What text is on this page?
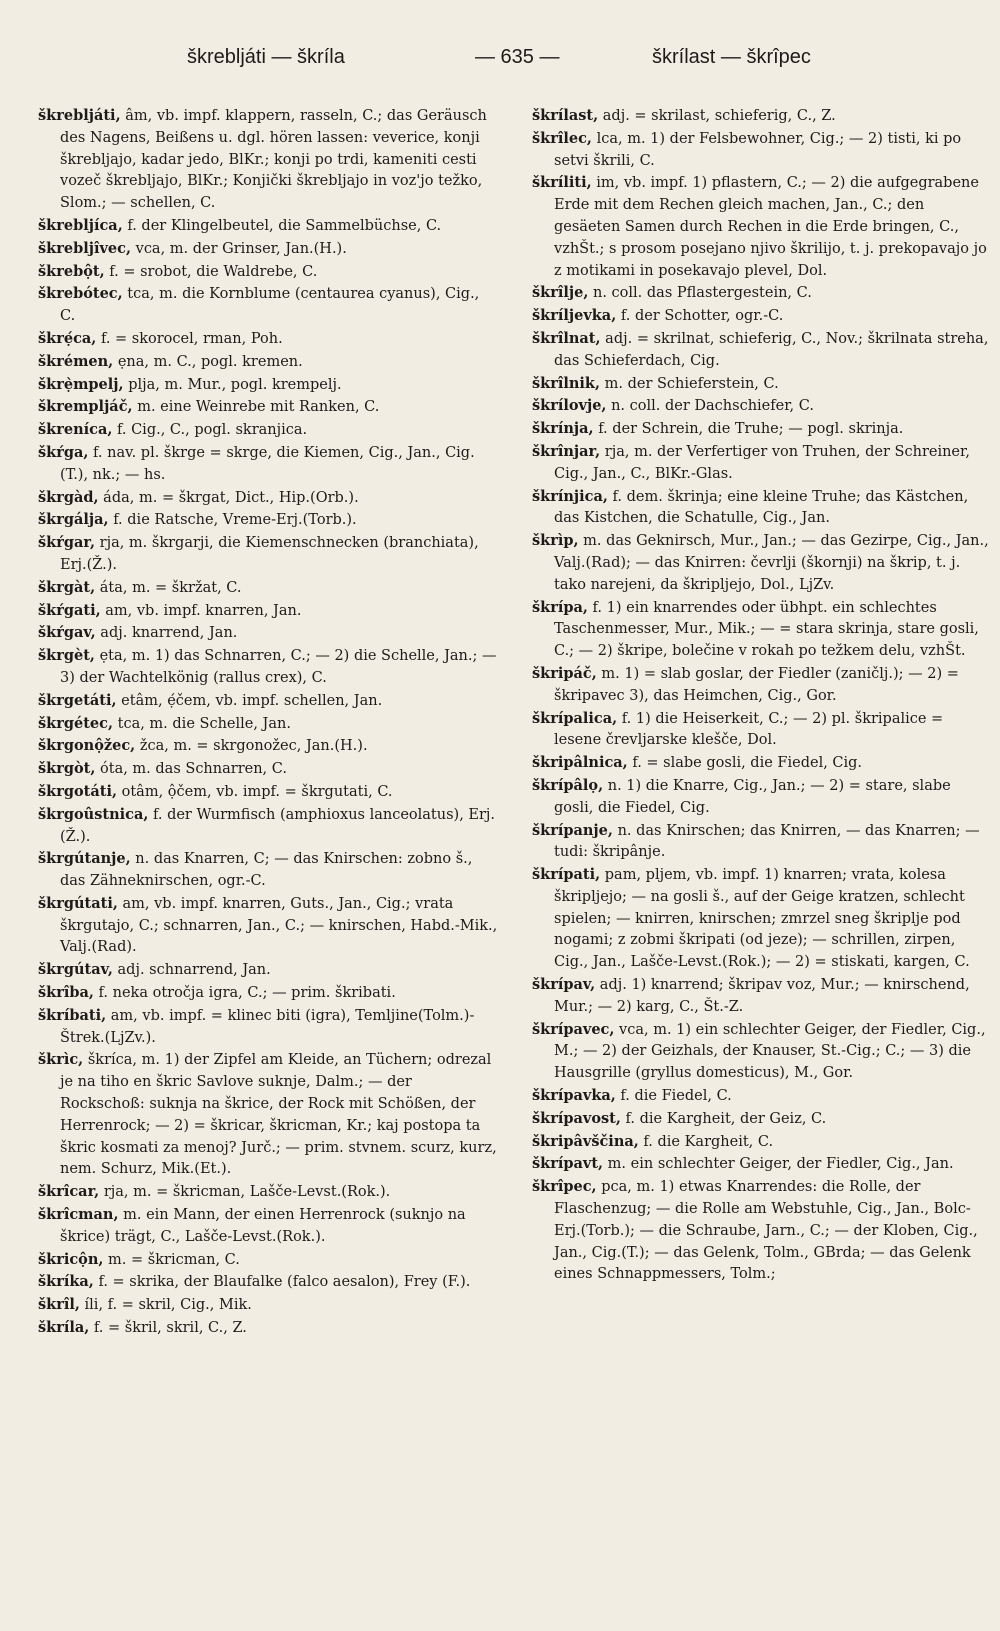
škrebljáti — škríla	— 635 —	škrílast — škrîpec

škrebljáti, âm, vb. impf. klappern, rasseln, C.; das Geräusch des Nagens, Beißens u. dgl. hören lassen: veverice, konji škrebljajo, kadar jedo, BlKr.; konji po trdi, kameniti cesti vozeč škrebljajo, BlKr.; Konjički škrebljajo in voz'jo težko, Slom.; — schellen, C.

škrebljíca, f. der Klingelbeutel, die Sammelbüchse, C.

škrebljîvec, vca, m. der Grinser, Jan.(H.).

škrebột, f. = srobot, die Waldrebe, C.

škrebótec, tca, m. die Kornblume (centaurea cyanus), Cig., C.

škrẹ́ca, f. = skorocel, rman, Poh.

škrémen, ẹna, m. C., pogl. kremen.

škrẹ̀mpelj, plja, m. Mur., pogl. krempelj.

škrempljáč, m. eine Weinrebe mit Ranken, C.

škreníca, f. Cig., C., pogl. skranjica.

škŕga, f. nav. pl. škrge = skrge, die Kiemen, Cig., Jan., Cig.(T.), nk.; — hs.

škrgàd, áda, m. = škrgat, Dict., Hip.(Orb.).

škrgálja, f. die Ratsche, Vreme-Erj.(Torb.).

škŕgar, rja, m. škrgarji, die Kiemenschnecken (branchiata), Erj.(Ž.).

škrgàt, áta, m. = škržat, C.

škŕgati, am, vb. impf. knarren, Jan.

škŕgav, adj. knarrend, Jan.

škrgèt, ẹta, m. 1) das Schnarren, C.; — 2) die Schelle, Jan.; — 3) der Wachtelkönig (rallus crex), C.

škrgetáti, etâm, ẹ́čem, vb. impf. schellen, Jan.

škrgétec, tca, m. die Schelle, Jan.

škrgonộžec, žca, m. = skrgonožec, Jan.(H.).

škrgòt, óta, m. das Schnarren, C.

škrgotáti, otâm, ộčem, vb. impf. = škrgutati, C.

škrgoûstnica, f. der Wurmfisch (amphioxus lanceolatus), Erj.(Ž.).

škrgútanje, n. das Knarren, C; — das Knirschen: zobno š., das Zähneknirschen, ogr.-C.

škrgútati, am, vb. impf. knarren, Guts., Jan., Cig.; vrata škrgutajo, C.; schnarren, Jan., C.; — knirschen, Habd.-Mik., Valj.(Rad).

škrgútav, adj. schnarrend, Jan.

škrîba, f. neka otročja igra, C.; — prim. škribati.

škríbati, am, vb. impf. = klinec biti (igra), Temljine(Tolm.)-Štrek.(LjZv.).

škrìc, škríca, m. 1) der Zipfel am Kleide, an Tüchern; odrezal je na tiho en škric Savlove suknje, Dalm.; — der Rockschoß: suknja na škrice, der Rock mit Schößen, der Herrenrock; — 2) = škricar, škricman, Kr.; kaj postopa ta škric kosmati za menoj? Jurč.; — prim. stvnem. scurz, kurz, nem. Schurz, Mik.(Et.).

škrîcar, rja, m. = škricman, Lašče-Levst.(Rok.).

škrîcman, m. ein Mann, der einen Herrenrock (suknjo na škrice) trägt, C., Lašče-Levst.(Rok.).

škricộn, m. = škricman, C.

škríka, f. = skrika, der Blaufalke (falco aesalon), Frey (F.).

škrîl, íli, f. = skril, Cig., Mik.

škríla, f. = škril, skril, C., Z.

škrílast, adj. = skrilast, schieferig, C., Z.

škrîlec, lca, m. 1) der Felsbewohner, Cig.; — 2) tisti, ki po setvi škrili, C.

škríliti, im, vb. impf. 1) pflastern, C.; — 2) die aufgegrabene Erde mit dem Rechen gleich machen, Jan., C.; den gesäeten Samen durch Rechen in die Erde bringen, C., vzhŠt.; s prosom posejano njivo škrilijo, t. j. prekopavajo jo z motikami in posekavajo plevel, Dol.

škrîlje, n. coll. das Pflastergestein, C.

škríljevka, f. der Schotter, ogr.-C.

škrîlnat, adj. = skrilnat, schieferig, C., Nov.; škrilnata streha, das Schieferdach, Cig.

škrîlnik, m. der Schieferstein, C.

škrílovje, n. coll. der Dachschiefer, C.

škrínja, f. der Schrein, die Truhe; — pogl. skrinja.

škrînjar, rja, m. der Verfertiger von Truhen, der Schreiner, Cig., Jan., C., BlKr.-Glas.

škrínjica, f. dem. škrinja; eine kleine Truhe; das Kästchen, das Kistchen, die Schatulle, Cig., Jan.

škrìp, m. das Geknirsch, Mur., Jan.; — das Gezirpe, Cig., Jan., Valj.(Rad); — das Knirren: čevrlji (škornji) na škrip, t. j. tako narejeni, da škripljejo, Dol., LjZv.

škrípa, f. 1) ein knarrendes oder übhpt. ein schlechtes Taschenmesser, Mur., Mik.; — = stara skrinja, stare gosli, C.; — 2) škripe, bolečine v rokah po težkem delu, vzhŠt.

škripáč, m. 1) = slab goslar, der Fiedler (zaničlj.); — 2) = škripavec 3), das Heimchen, Cig., Gor.

škrípalica, f. 1) die Heiserkeit, C.; — 2) pl. škripalice = lesene črevljarske klešče, Dol.

škripâlnica, f. = slabe gosli, die Fiedel, Cig.

škrípâlọ, n. 1) die Knarre, Cig., Jan.; — 2) = stare, slabe gosli, die Fiedel, Cig.

škrípanje, n. das Knirschen; das Knirren, — das Knarren; — tudi: škripânje.

škrípati, pam, pljem, vb. impf. 1) knarren; vrata, kolesa škripljejo; — na gosli š., auf der Geige kratzen, schlecht spielen; — knirren, knirschen; zmrzel sneg škriplje pod nogami; z zobmi škripati (od jeze); — schrillen, zirpen, Cig., Jan., Lašče-Levst.(Rok.); — 2) = stiskati, kargen, C.

škrípav, adj. 1) knarrend; škripav voz, Mur.; — knirschend, Mur.; — 2) karg, C., Št.-Z.

škrípavec, vca, m. 1) ein schlechter Geiger, der Fiedler, Cig., M.; — 2) der Geizhals, der Knauser, St.-Cig.; C.; — 3) die Hausgrille (gryllus domesticus), M., Gor.

škrípavka, f. die Fiedel, C.

škrípavost, f. die Kargheit, der Geiz, C.

škripâvščina, f. die Kargheit, C.

škrípavt, m. ein schlechter Geiger, der Fiedler, Cig., Jan.

škrîpec, pca, m. 1) etwas Knarrendes: die Rolle, der Flaschenzug; — die Rolle am Webstuhle, Cig., Jan., Bolc-Erj.(Torb.); — die Schraube, Jarn., C.; — der Kloben, Cig., Jan., Cig.(T.); — das Gelenk, Tolm., GBrda; — das Gelenk eines Schnappmessers, Tolm.;
